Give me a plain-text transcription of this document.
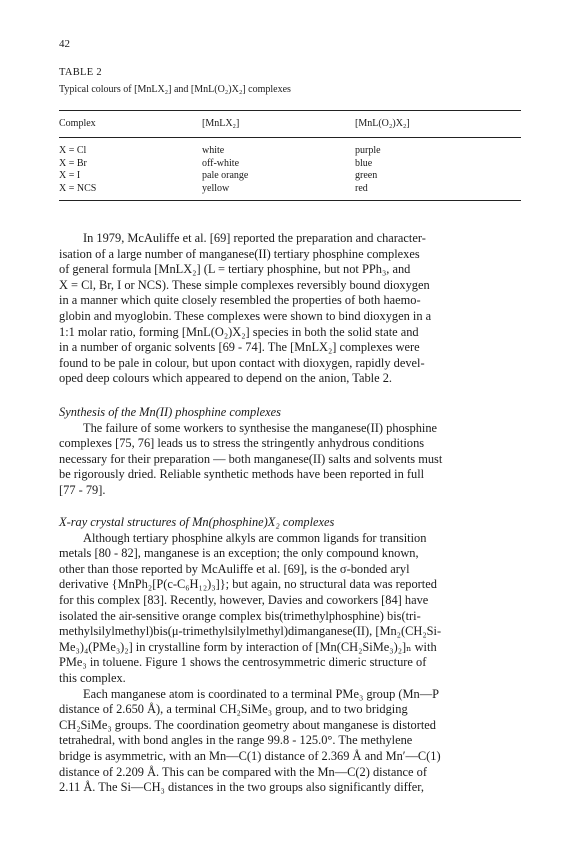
42
TABLE 2
Typical colours of [MnLX₂] and [MnL(O₂)X₂] complexes
Complex	[MnLX₂]	[MnL(O₂)X₂]
X = Cl	white	purple
X = Br	off-white	blue
X = I	pale orange	green
X = NCS	yellow	red

In 1979, McAuliffe et al. [69] reported the preparation and character-

isation of a large number of manganese(II) tertiary phosphine complexes

of general formula [MnLX₂] (L = tertiary phosphine, but not PPh₃, and

X = Cl, Br, I or NCS). These simple complexes reversibly bound dioxygen

in a manner which quite closely resembled the properties of both haemo-

globin and myoglobin. These complexes were shown to bind dioxygen in a

1:1 molar ratio, forming [MnL(O₂)X₂] species in both the solid state and

in a number of organic solvents [69 - 74]. The [MnLX₂] complexes were

found to be pale in colour, but upon contact with dioxygen, rapidly devel-

oped deep colours which appeared to depend on the anion, Table 2.

Synthesis of the Mn(II) phosphine complexes

The failure of some workers to synthesise the manganese(II) phosphine

complexes [75, 76] leads us to stress the stringently anhydrous conditions

necessary for their preparation — both manganese(II) salts and solvents must

be rigorously dried. Reliable synthetic methods have been reported in full

[77 - 79].

X-ray crystal structures of Mn(phosphine)X₂ complexes

Although tertiary phosphine alkyls are common ligands for transition

metals [80 - 82], manganese is an exception; the only compound known,

other than those reported by McAuliffe et al. [69], is the σ-bonded aryl

derivative {MnPh₂[P(c-C₆H₁₂)₃]}; but again, no structural data was reported

for this complex [83]. Recently, however, Davies and coworkers [84] have

isolated the air-sensitive orange complex bis(trimethylphosphine) bis(tri-

methylsilylmethyl)bis(μ-trimethylsilylmethyl)dimanganese(II), [Mn₂(CH₂Si-

Me₃)₄(PMe₃)₂] in crystalline form by interaction of [Mn(CH₂SiMe₃)₂]ₙ with

PMe₃ in toluene. Figure 1 shows the centrosymmetric dimeric structure of

this complex.

Each manganese atom is coordinated to a terminal PMe₃ group (Mn—P

distance of 2.650 Å), a terminal CH₂SiMe₃ group, and to two bridging

CH₂SiMe₃ groups. The coordination geometry about manganese is distorted

tetrahedral, with bond angles in the range 99.8 - 125.0°. The methylene

bridge is asymmetric, with an Mn—C(1) distance of 2.369 Å and Mn′—C(1)

distance of 2.209 Å. This can be compared with the Mn—C(2) distance of

2.11 Å. The Si—CH₃ distances in the two groups also significantly differ,
